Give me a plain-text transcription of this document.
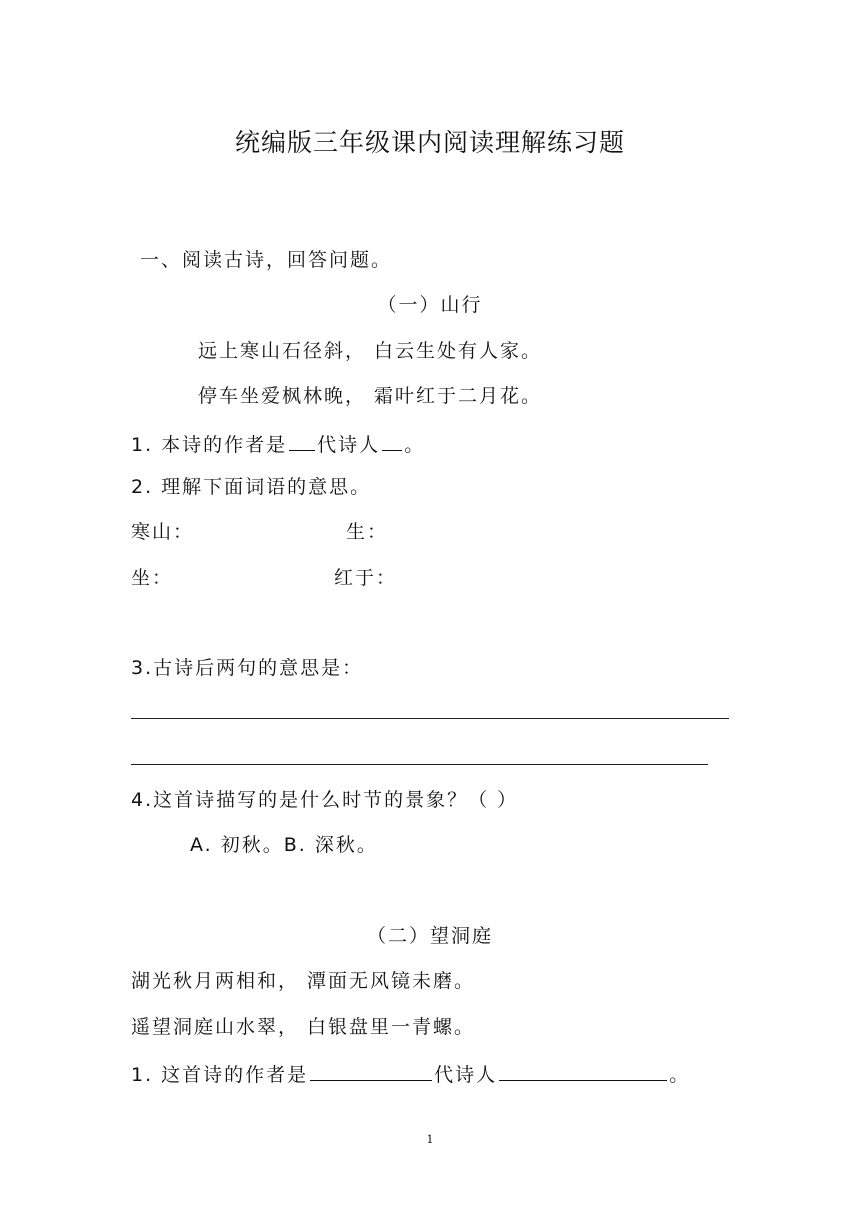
统编版三年级课内阅读理解练习题
一、阅读古诗，回答问题。
（一）山行
远上寒山石径斜， 白云生处有人家。
停车坐爱枫林晚， 霜叶红于二月花。
1. 本诗的作者是 代诗人 。
2. 理解下面词语的意思。
寒山：	生：
坐：	红于：
3.古诗后两句的意思是：
4.这首诗描写的是什么时节的景象？（ ）
A. 初秋。B. 深秋。
（二）望洞庭
湖光秋月两相和， 潭面无风镜未磨。
遥望洞庭山水翠， 白银盘里一青螺。
1. 这首诗的作者是	代诗人	。
1
